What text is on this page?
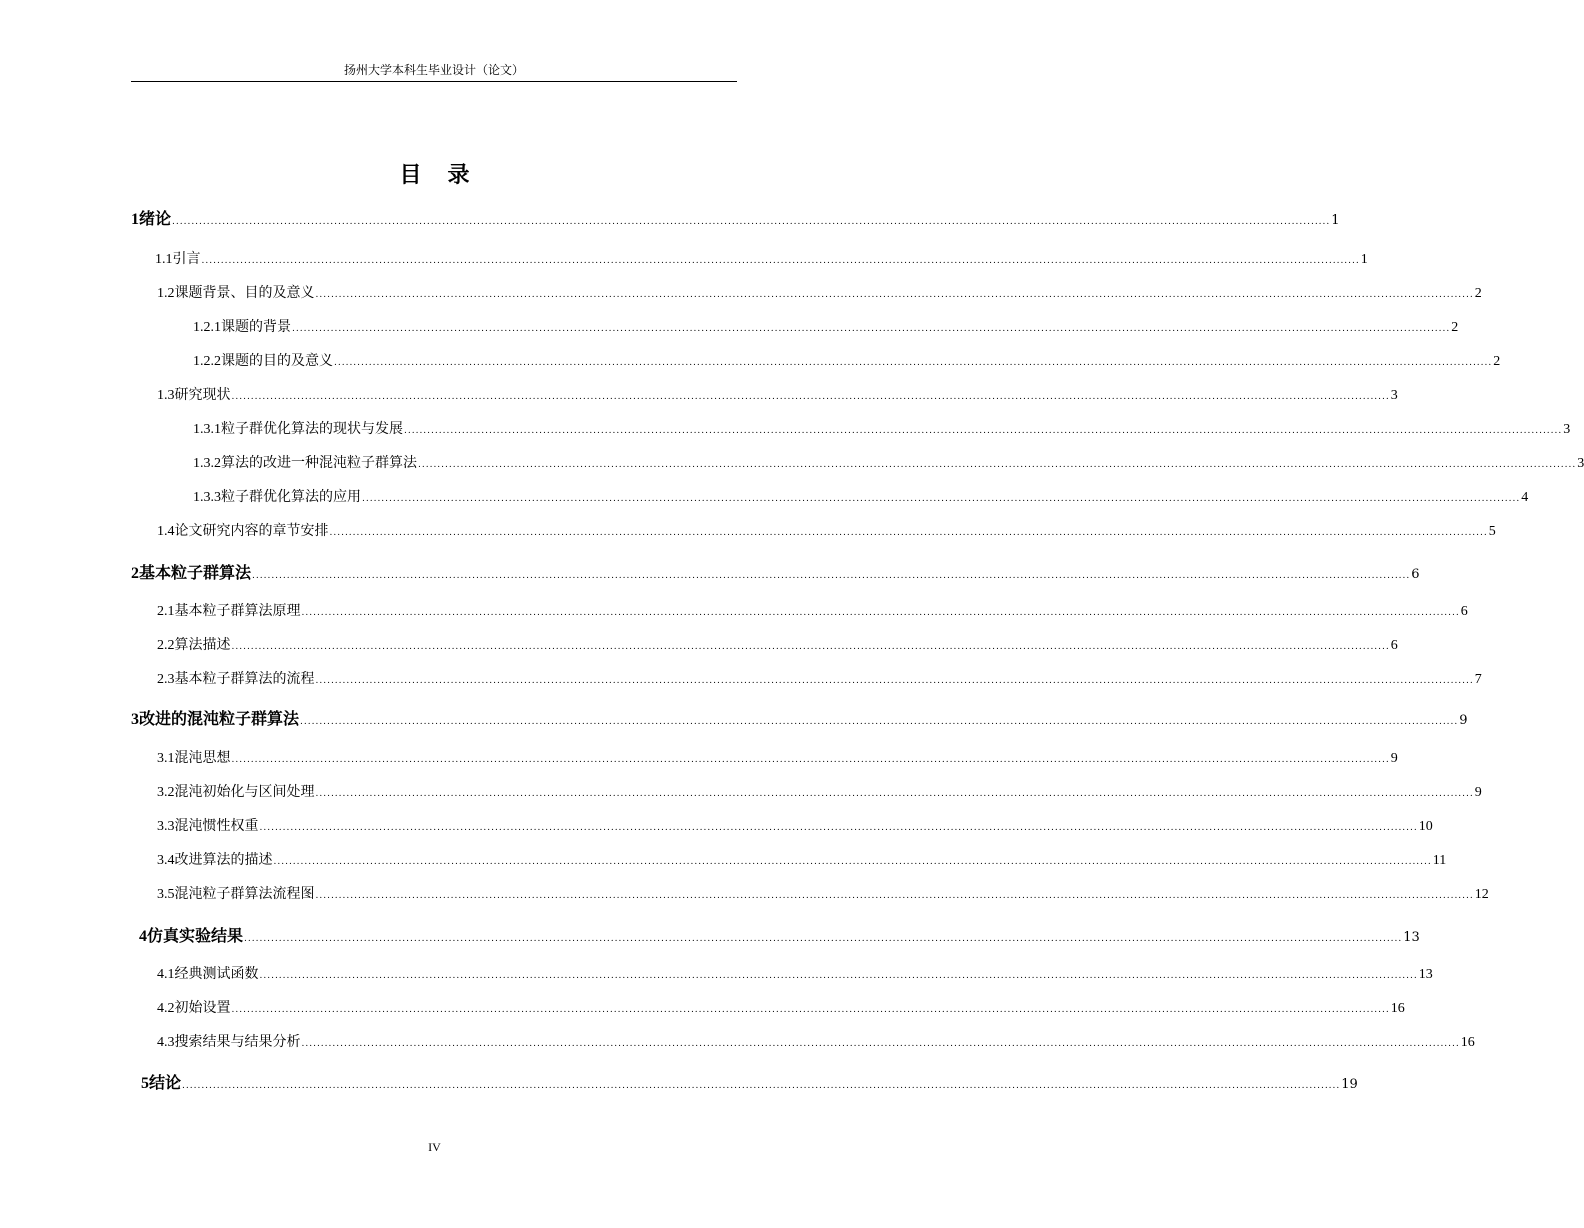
扬州大学本科生毕业设计（论文）
目录
1 绪论 ............................................................................................................................................................................................................................................................................................................ 1
1.1 引言 ............................................................................................................................................................................................................................................................................................................ 1
1.2 课题背景、目的及意义 ............................................................................................................................................................................................................................................................................................................ 2
1.2.1 课题的背景 ............................................................................................................................................................................................................................................................................................................ 2
1.2.2 课题的目的及意义 ............................................................................................................................................................................................................................................................................................................ 2
1.3 研究现状 ............................................................................................................................................................................................................................................................................................................ 3
1.3.1 粒子群优化算法的现状与发展 ............................................................................................................................................................................................................................................................................................................ 3
1.3.2 算法的改进一种混沌粒子群算法 ............................................................................................................................................................................................................................................................................................................ 3
1.3.3 粒子群优化算法的应用 ............................................................................................................................................................................................................................................................................................................ 4
1.4 论文研究内容的章节安排 ............................................................................................................................................................................................................................................................................................................ 5
2 基本粒子群算法 ............................................................................................................................................................................................................................................................................................................ 6
2.1 基本粒子群算法原理 ............................................................................................................................................................................................................................................................................................................ 6
2.2 算法描述 ............................................................................................................................................................................................................................................................................................................ 6
2.3 基本粒子群算法的流程 ............................................................................................................................................................................................................................................................................................................ 7
3 改进的混沌粒子群算法 ............................................................................................................................................................................................................................................................................................................ 9
3.1 混沌思想 ............................................................................................................................................................................................................................................................................................................ 9
3.2 混沌初始化与区间处理 ............................................................................................................................................................................................................................................................................................................ 9
3.3 混沌惯性权重 ............................................................................................................................................................................................................................................................................................................ 10
3.4 改进算法的描述 ............................................................................................................................................................................................................................................................................................................ 11
3.5 混沌粒子群算法流程图 ............................................................................................................................................................................................................................................................................................................ 12
4 仿真实验结果 ............................................................................................................................................................................................................................................................................................................ 13
4.1 经典测试函数 ............................................................................................................................................................................................................................................................................................................ 13
4.2 初始设置 ............................................................................................................................................................................................................................................................................................................ 16
4.3 搜索结果与结果分析 ............................................................................................................................................................................................................................................................................................................ 16
5 结论 ............................................................................................................................................................................................................................................................................................................ 19
IV
